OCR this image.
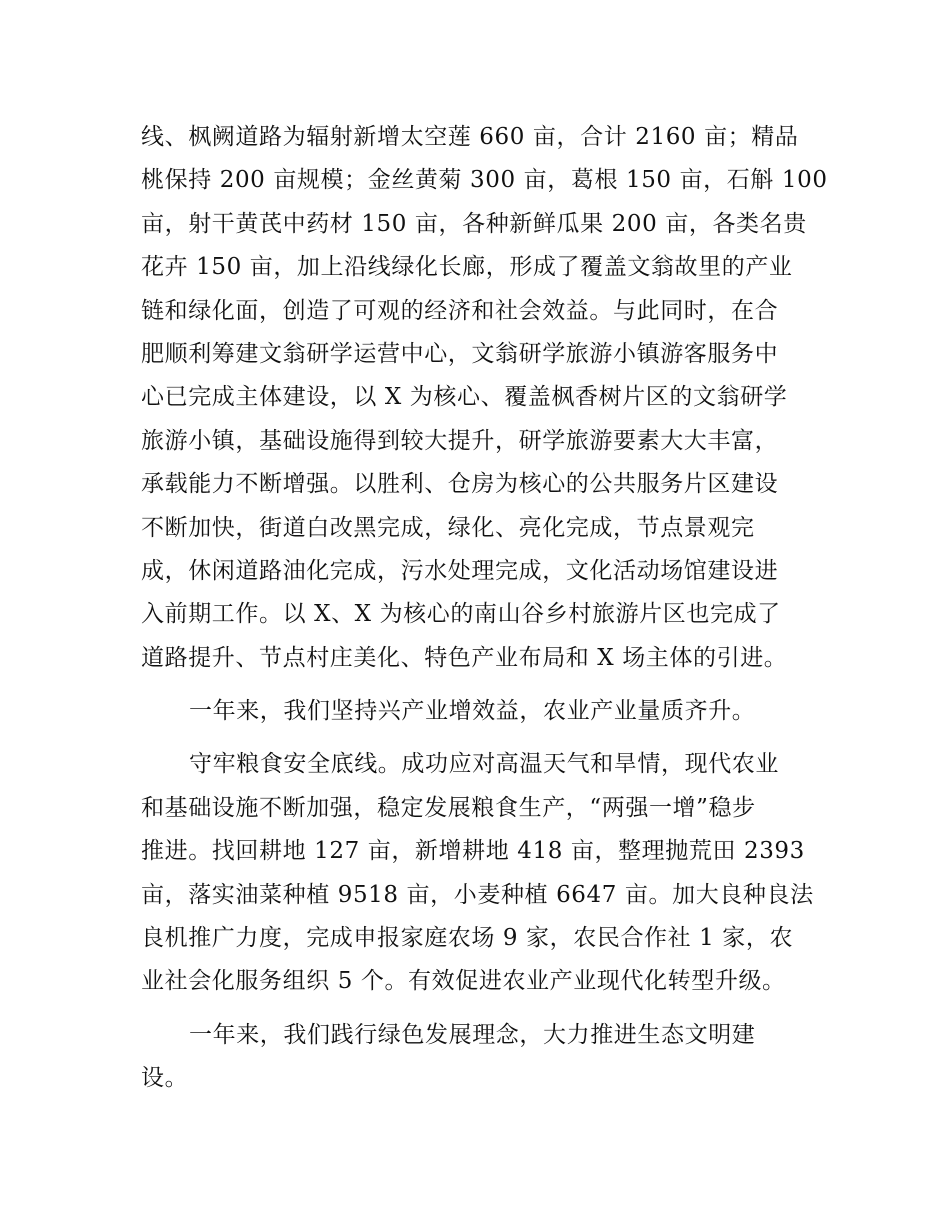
线、枫阙道路为辐射新增太空莲 660 亩，合计 2160 亩；精品
桃保持 200 亩规模；金丝黄菊 300 亩，葛根 150 亩，石斛 100
亩，射干黄芪中药材 150 亩，各种新鲜瓜果 200 亩，各类名贵
花卉 150 亩，加上沿线绿化长廊，形成了覆盖文翁故里的产业
链和绿化面，创造了可观的经济和社会效益。与此同时，在合
肥顺利筹建文翁研学运营中心，文翁研学旅游小镇游客服务中
心已完成主体建设，以 X 为核心、覆盖枫香树片区的文翁研学
旅游小镇，基础设施得到较大提升，研学旅游要素大大丰富，
承载能力不断增强。以胜利、仓房为核心的公共服务片区建设
不断加快，街道白改黑完成，绿化、亮化完成，节点景观完
成，休闲道路油化完成，污水处理完成，文化活动场馆建设进
入前期工作。以 X、X 为核心的南山谷乡村旅游片区也完成了
道路提升、节点村庄美化、特色产业布局和 X 场主体的引进。
一年来，我们坚持兴产业增效益，农业产业量质齐升。
守牢粮食安全底线。成功应对高温天气和旱情，现代农业
和基础设施不断加强，稳定发展粮食生产，“两强一增”稳步
推进。找回耕地 127 亩，新增耕地 418 亩，整理抛荒田 2393
亩，落实油菜种植 9518 亩，小麦种植 6647 亩。加大良种良法
良机推广力度，完成申报家庭农场 9 家，农民合作社 1 家，农
业社会化服务组织 5 个。有效促进农业产业现代化转型升级。
一年来，我们践行绿色发展理念，大力推进生态文明建
设。
